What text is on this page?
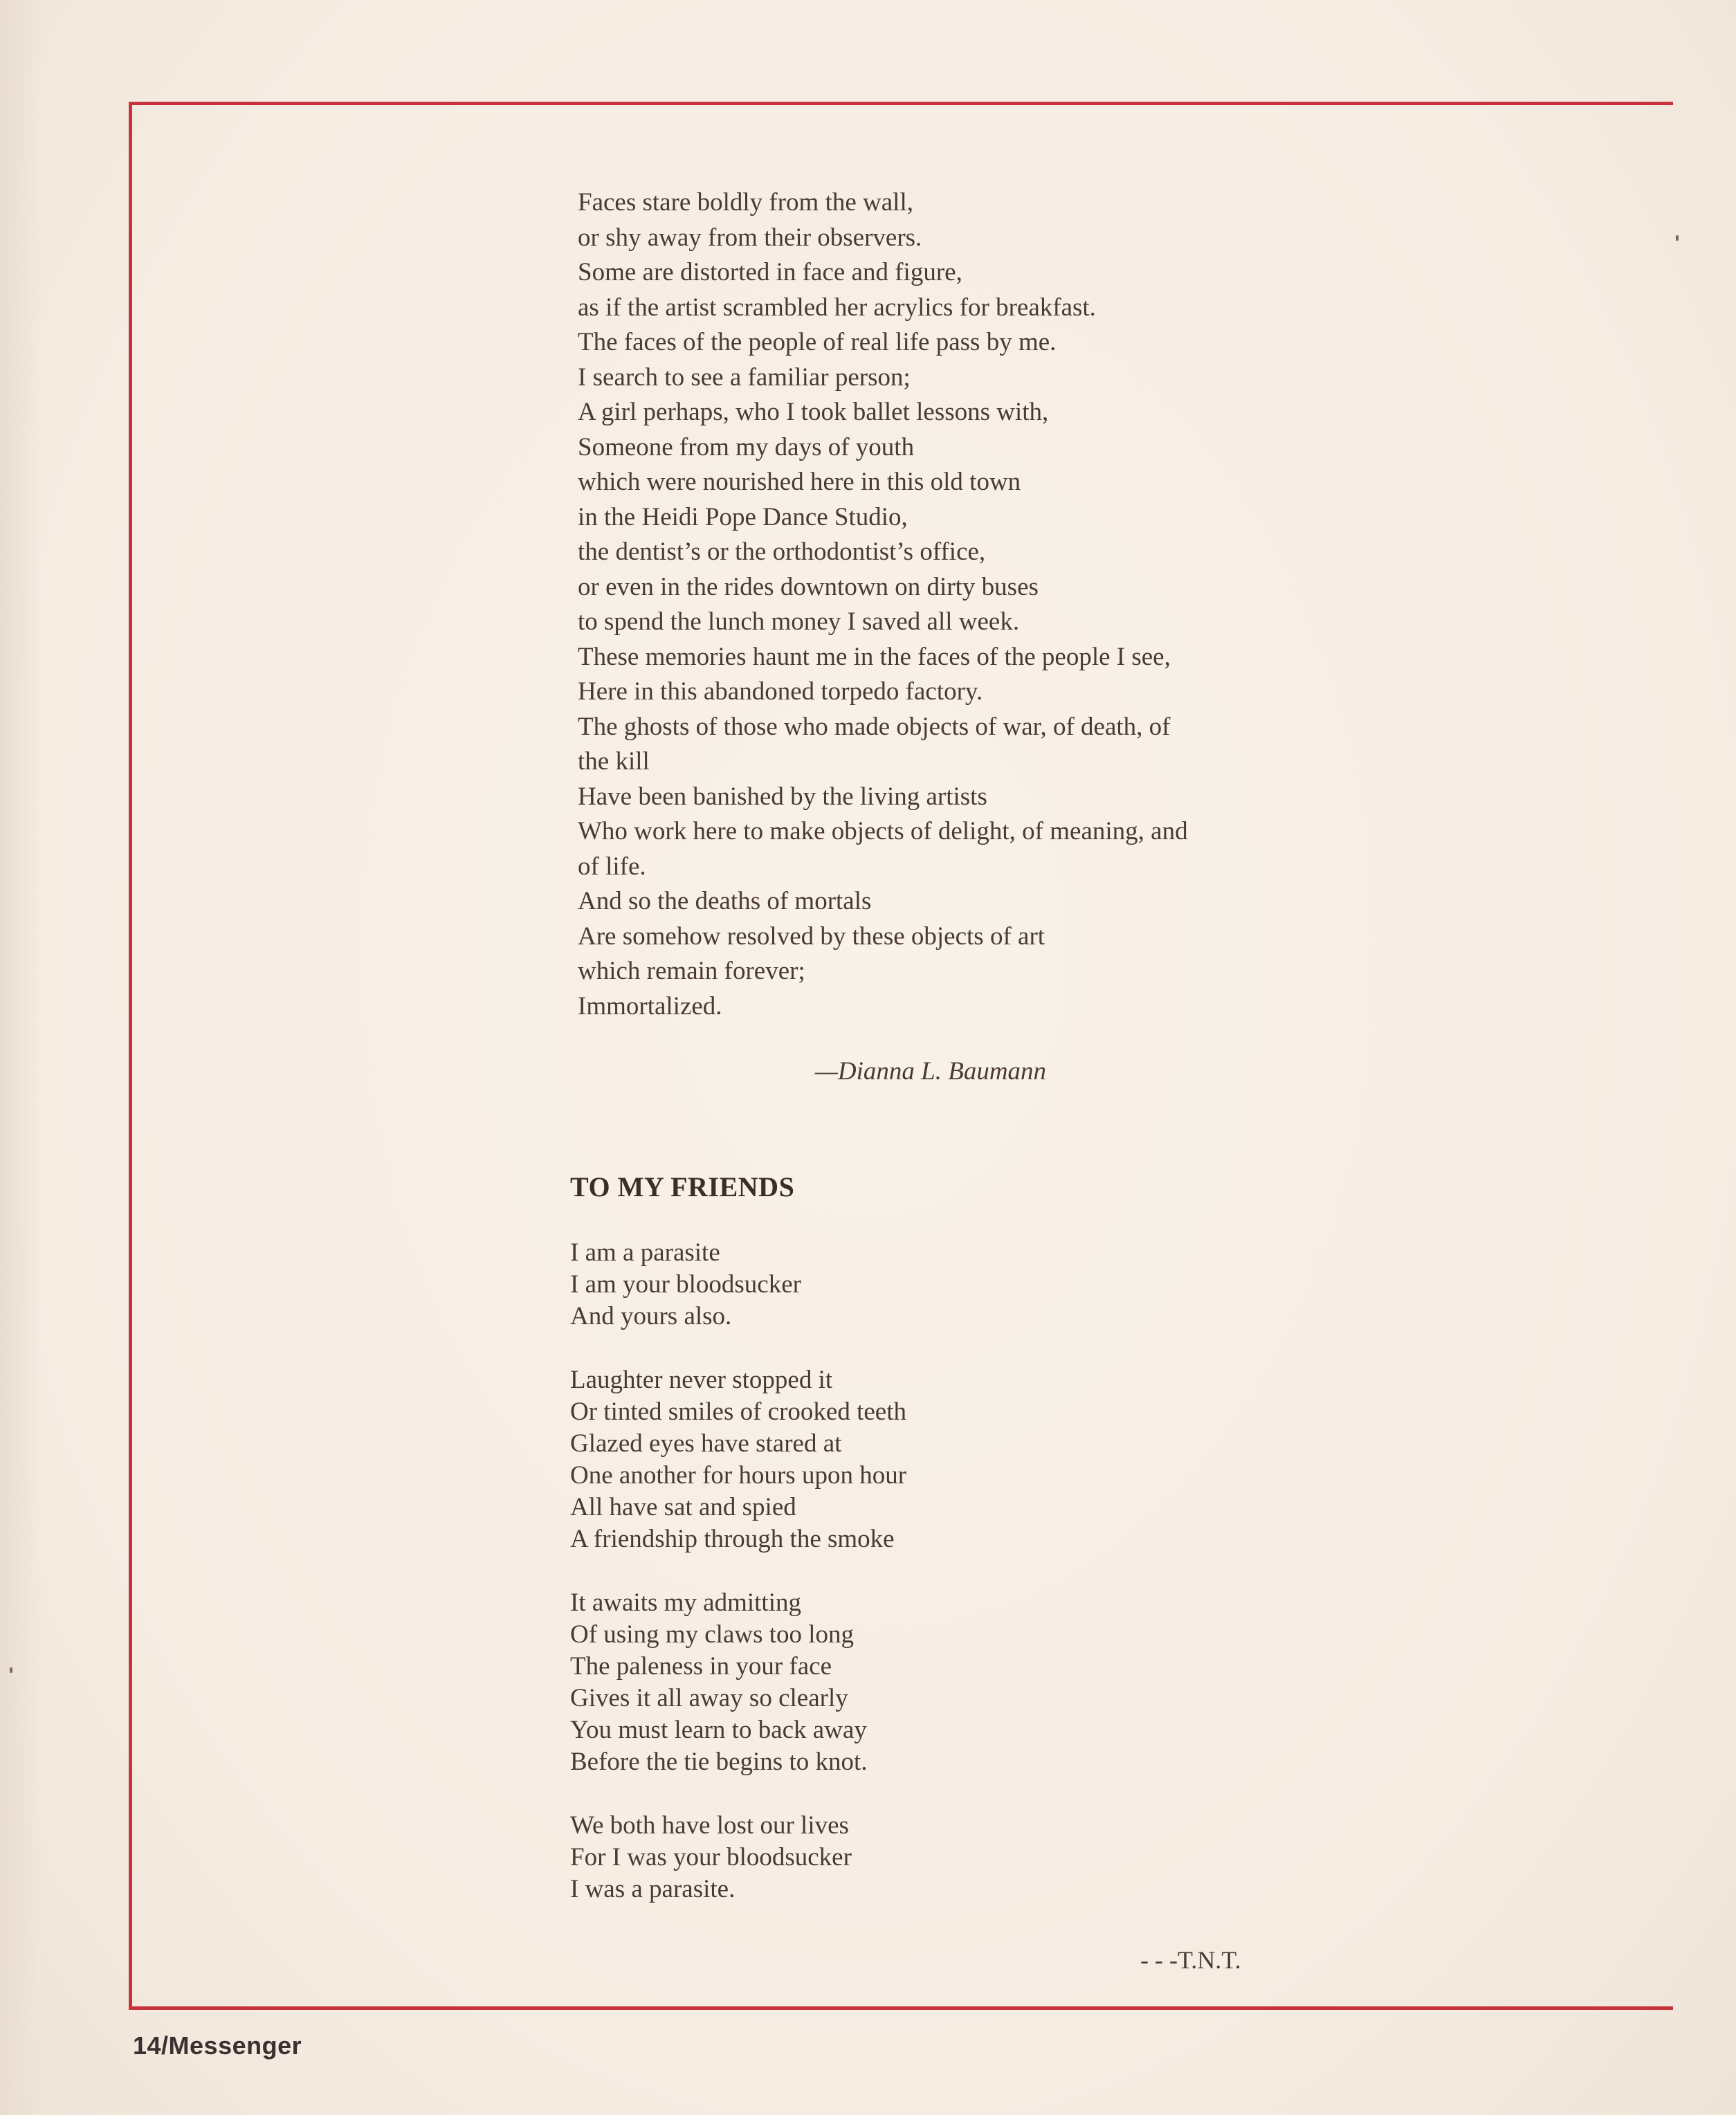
Faces stare boldly from the wall,
or shy away from their observers.
Some are distorted in face and figure,
as if the artist scrambled her acrylics for breakfast.
The faces of the people of real life pass by me.
I search to see a familiar person;
A girl perhaps, who I took ballet lessons with,
Someone from my days of youth
which were nourished here in this old town
in the Heidi Pope Dance Studio,
the dentist’s or the orthodontist’s office,
or even in the rides downtown on dirty buses
to spend the lunch money I saved all week.
These memories haunt me in the faces of the people I see,
Here in this abandoned torpedo factory.
The ghosts of those who made objects of war, of death, of
the kill
Have been banished by the living artists
Who work here to make objects of delight, of meaning, and
of life.
And so the deaths of mortals
Are somehow resolved by these objects of art
which remain forever;
Immortalized.
—Dianna L. Baumann
TO MY FRIENDS
I am a parasite
I am your bloodsucker
And yours also.
Laughter never stopped it
Or tinted smiles of crooked teeth
Glazed eyes have stared at
One another for hours upon hour
All have sat and spied
A friendship through the smoke
It awaits my admitting
Of using my claws too long
The paleness in your face
Gives it all away so clearly
You must learn to back away
Before the tie begins to knot.
We both have lost our lives
For I was your bloodsucker
I was a parasite.
- - -T.N.T.
14/Messenger
